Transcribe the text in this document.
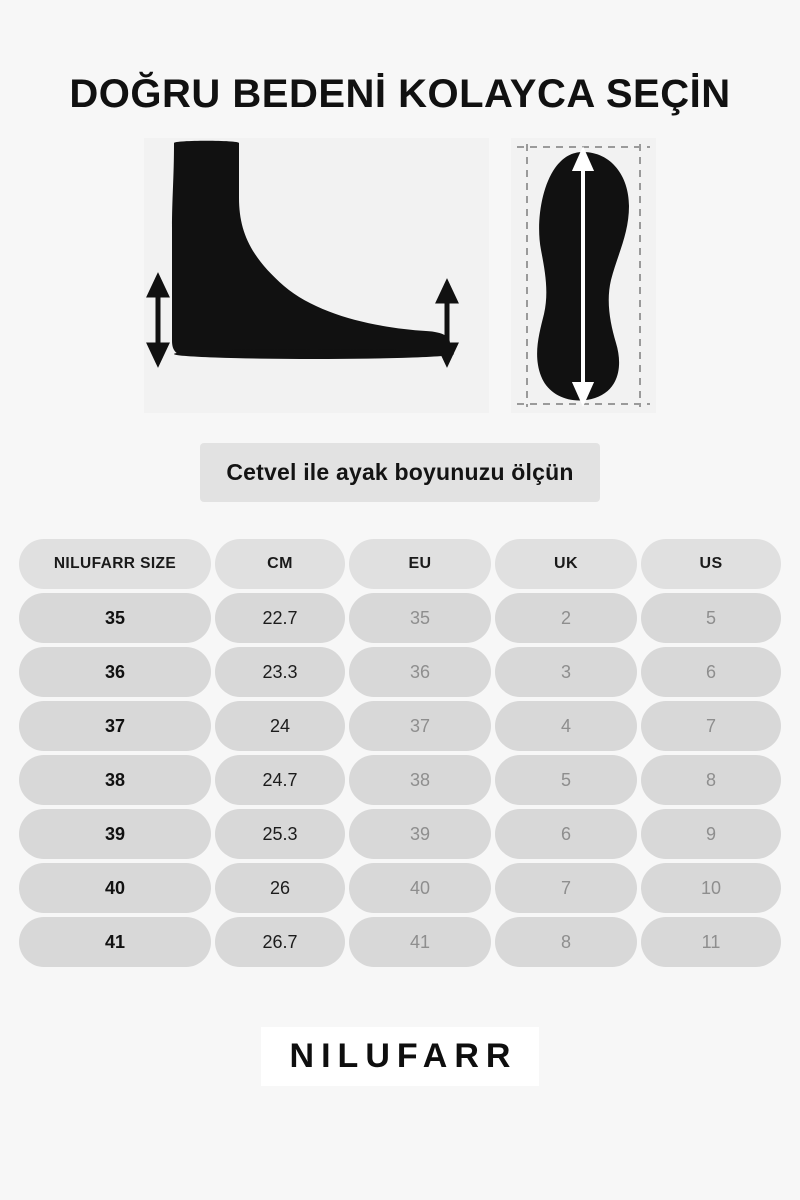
DOĞRU BEDENİ KOLAYCA SEÇİN
Cetvel ile ayak boyunuzu ölçün
NILUFARR SIZE	CM	EU	UK	US
35	22.7	35	2	5
36	23.3	36	3	6
37	24	37	4	7
38	24.7	38	5	8
39	25.3	39	6	9
40	26	40	7	10
41	26.7	41	8	11
NILUFARR
